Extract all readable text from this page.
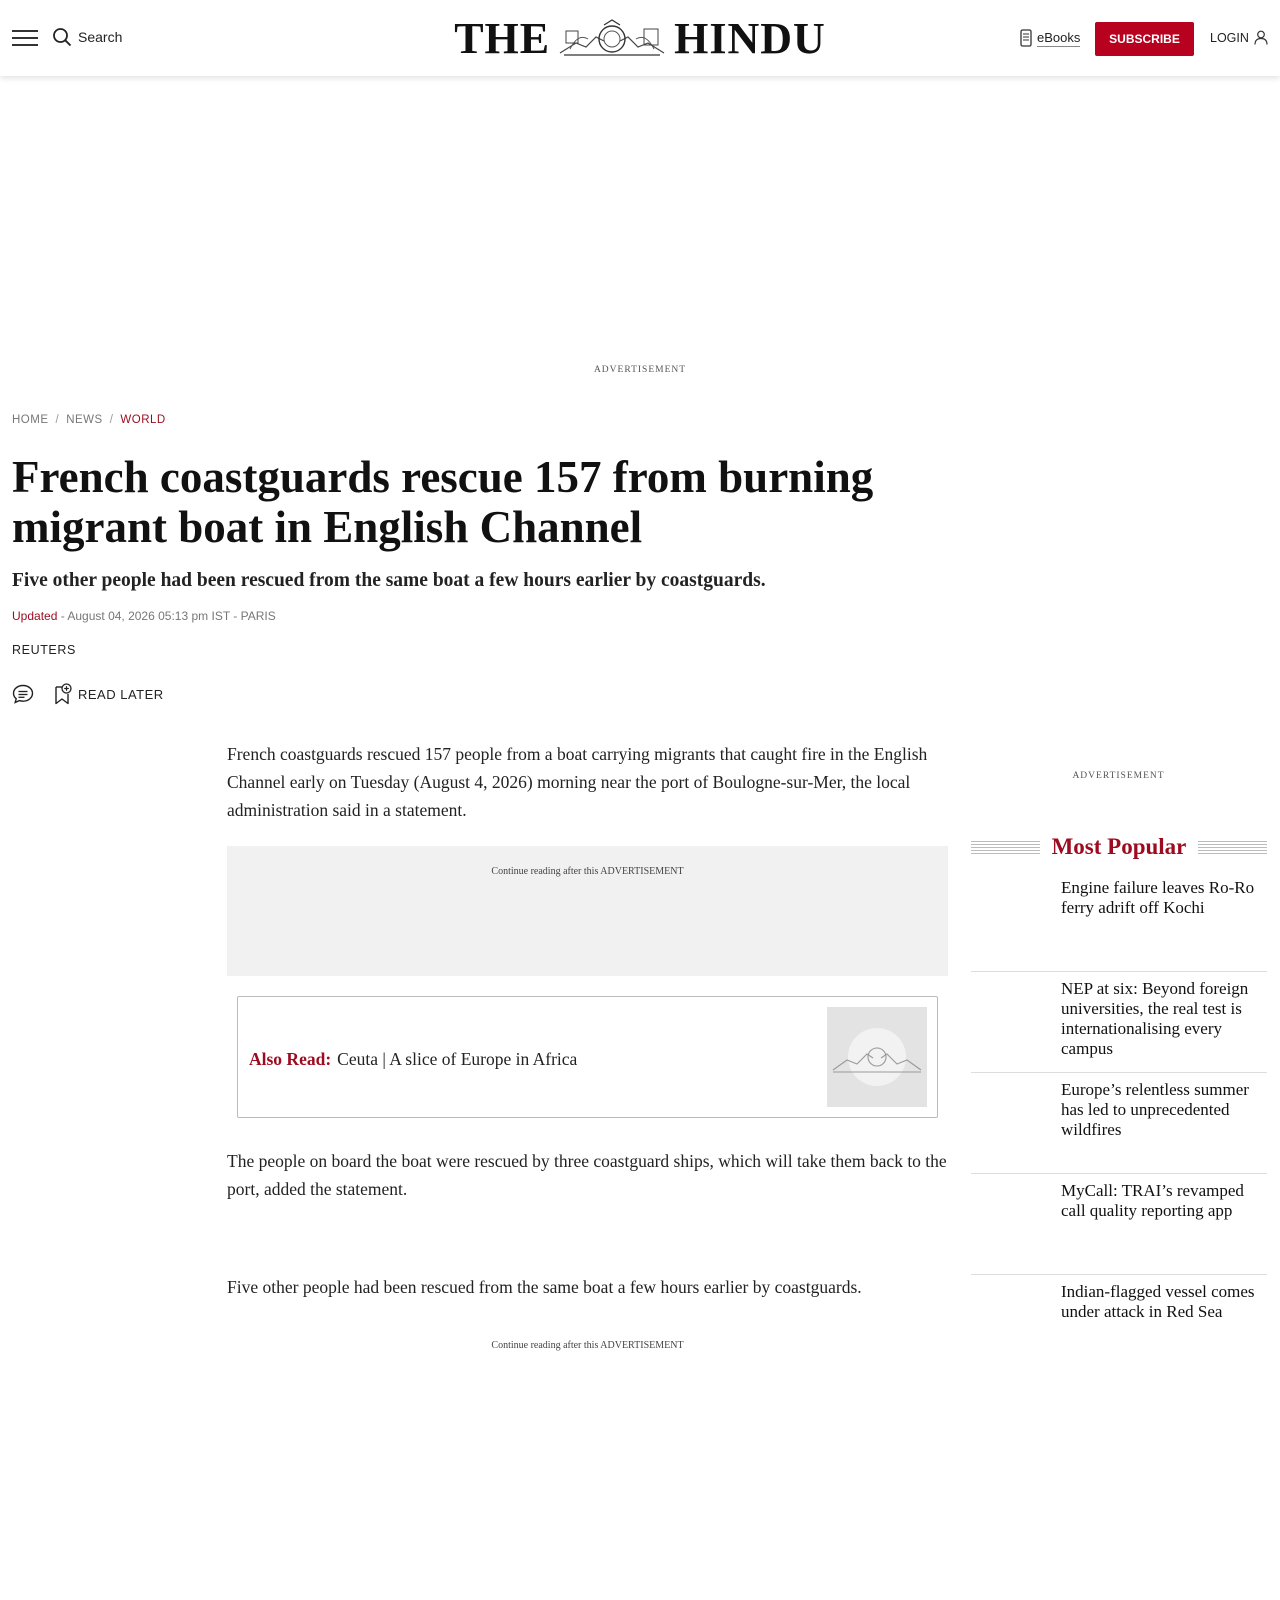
Search	THE	HINDU	eBooks	SUBSCRIBE	LOGIN
ADVERTISEMENT
HOME / NEWS / WORLD
French coastguards rescue 157 from burning migrant boat in English Channel
Five other people had been rescued from the same boat a few hours earlier by coastguards.
Updated - August 04, 2026 05:13 pm IST - PARIS
REUTERS
READ LATER

French coastguards rescued 157 people from a boat carrying migrants that caught fire in the English Channel early on Tuesday (August 4, 2026) morning near the port of Boulogne-sur-Mer, the local administration said in a statement.

Continue reading after this ADVERTISEMENT
Also Read: Ceuta | A slice of Europe in Africa

The people on board the boat were rescued by three coastguard ships, which will take them back to the port, added the statement.

Five other people had been rescued from the same boat a few hours earlier by coastguards.

Continue reading after this ADVERTISEMENT
ADVERTISEMENT
Most Popular
Engine failure leaves Ro-Ro ferry adrift off Kochi
NEP at six: Beyond foreign universities, the real test is internationalising every campus
Europe’s relentless summer has led to unprecedented wildfires
MyCall: TRAI’s revamped call quality reporting app
Indian-flagged vessel comes under attack in Red Sea
